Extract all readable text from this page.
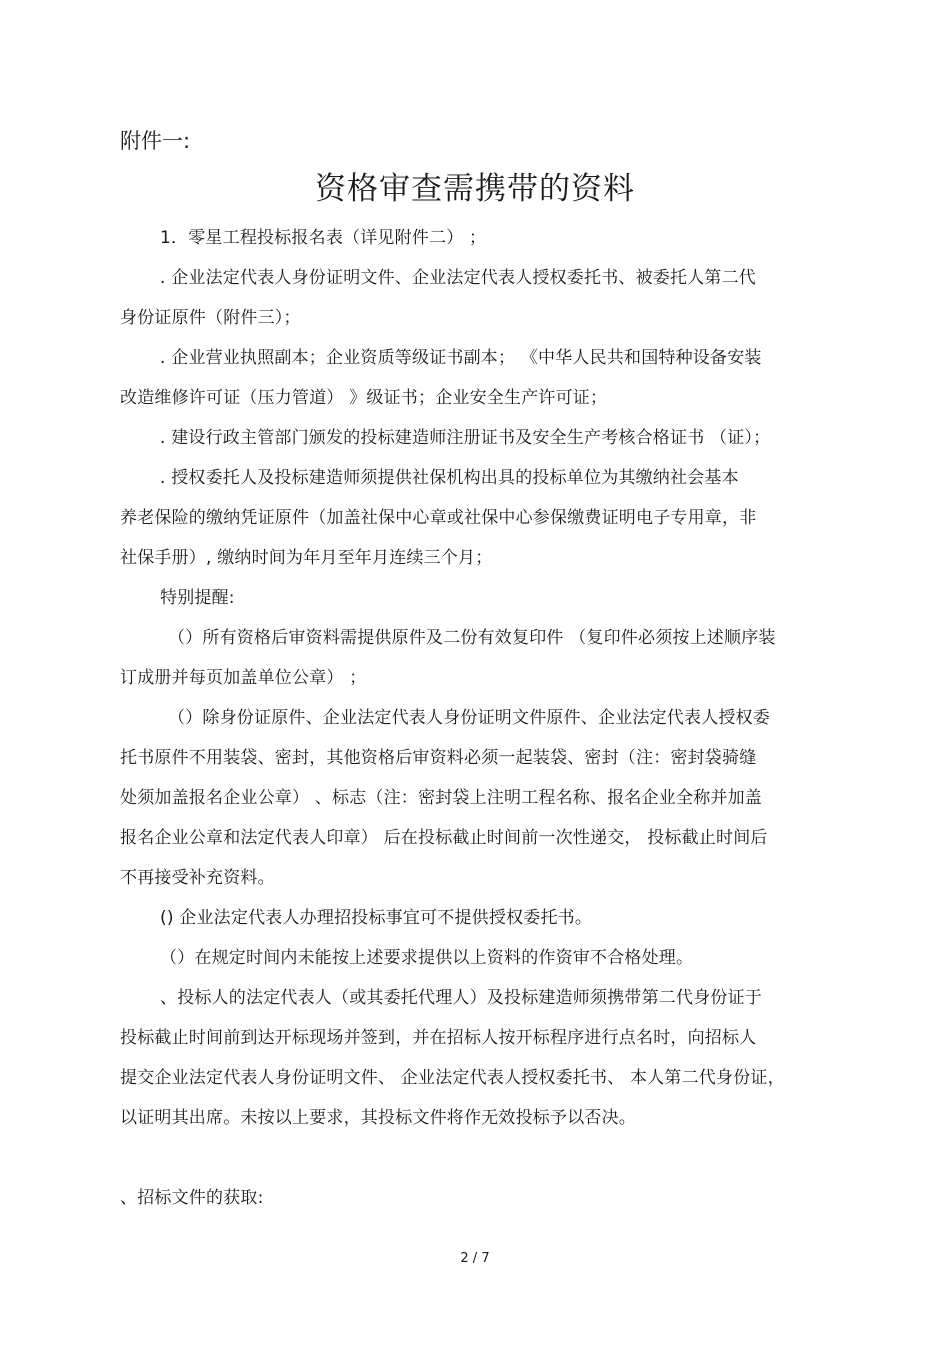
附件一:
资格审查需携带的资料
1．零星工程投标报名表（详见附件二） ；
. 企业法定代表人身份证明文件、企业法定代表人授权委托书、被委托人第二代
身份证原件（附件三）；
. 企业营业执照副本；企业资质等级证书副本； 《中华人民共和国特种设备安装
改造维修许可证（压力管道） 》级证书；企业安全生产许可证；
. 建设行政主管部门颁发的投标建造师注册证书及安全生产考核合格证书 （证）；
. 授权委托人及投标建造师须提供社保机构出具的投标单位为其缴纳社会基本
养老保险的缴纳凭证原件（加盖社保中心章或社保中心参保缴费证明电子专用章，非
社保手册）, 缴纳时间为年月至年月连续三个月；
特别提醒:
（）所有资格后审资料需提供原件及二份有效复印件 （复印件必须按上述顺序装
订成册并每页加盖单位公章） ；
（）除身份证原件、企业法定代表人身份证明文件原件、企业法定代表人授权委
托书原件不用装袋、密封，其他资格后审资料必须一起装袋、密封（注：密封袋骑缝
处须加盖报名企业公章） 、标志（注：密封袋上注明工程名称、报名企业全称并加盖
报名企业公章和法定代表人印章） 后在投标截止时间前一次性递交， 投标截止时间后
不再接受补充资料。
() 企业法定代表人办理招投标事宜可不提供授权委托书。
（）在规定时间内未能按上述要求提供以上资料的作资审不合格处理。
、投标人的法定代表人（或其委托代理人）及投标建造师须携带第二代身份证于
投标截止时间前到达开标现场并签到，并在招标人按开标程序进行点名时，向招标人
提交企业法定代表人身份证明文件、 企业法定代表人授权委托书、 本人第二代身份证，
以证明其出席。未按以上要求，其投标文件将作无效投标予以否决。
、招标文件的获取:
2 / 7
